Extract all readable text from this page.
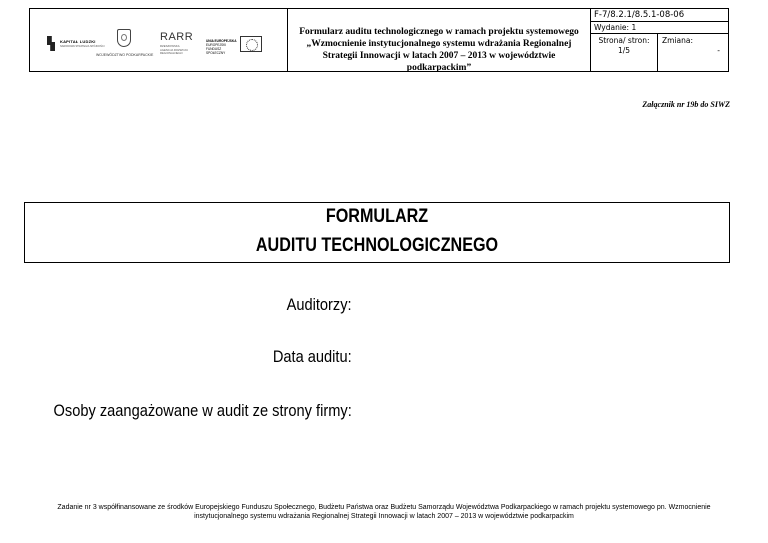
KAPITAŁ LUDZKI
NARODOWA STRATEGIA SPÓJNOŚCI
WOJEWÓDZTWO PODKARPACKIE
RARR
RZESZOWSKA AGENCJA ROZWOJU REGIONALNEGO
UNIA EUROPEJSKA
EUROPEJSKI FUNDUSZ SPOŁECZNY
Formularz auditu technologicznego w ramach projektu systemowego
„Wzmocnienie instytucjonalnego systemu wdrażania Regionalnej
Strategii Innowacji w latach 2007 – 2013 w województwie
podkarpackim”
F-7/8.2.1/8.5.1-08-06
Wydanie: 1
Strona/ stron:
1/5
Zmiana:
-
Załącznik nr 19b do SIWZ
FORMULARZ
AUDITU TECHNOLOGICZNEGO
Auditorzy:
Data auditu:
Osoby zaangażowane w audit ze strony firmy:
Zadanie nr 3 współfinansowane ze środków Europejskiego Funduszu Społecznego, Budżetu Państwa oraz Budżetu Samorządu Województwa Podkarpackiego w ramach projektu systemowego pn. Wzmocnienie
instytucjonalnego systemu wdrażania Regionalnej Strategii Innowacji w latach 2007 – 2013 w województwie podkarpackim
